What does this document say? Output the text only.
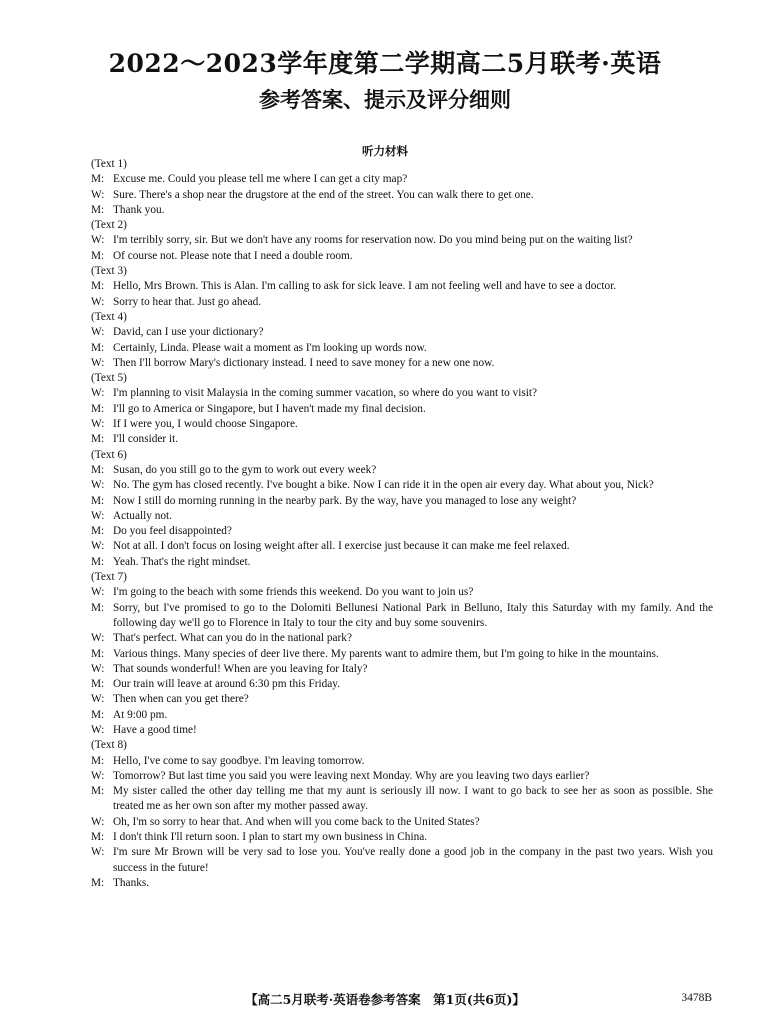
2022～2023学年度第二学期高二5月联考·英语
参考答案、提示及评分细则
听力材料
(Text 1)
M: Excuse me. Could you please tell me where I can get a city map?
W: Sure. There's a shop near the drugstore at the end of the street. You can walk there to get one.
M: Thank you.
(Text 2)
W: I'm terribly sorry, sir. But we don't have any rooms for reservation now. Do you mind being put on the waiting list?
M: Of course not. Please note that I need a double room.
(Text 3)
M: Hello, Mrs Brown. This is Alan. I'm calling to ask for sick leave. I am not feeling well and have to see a doctor.
W: Sorry to hear that. Just go ahead.
(Text 4)
W: David, can I use your dictionary?
M: Certainly, Linda. Please wait a moment as I'm looking up words now.
W: Then I'll borrow Mary's dictionary instead. I need to save money for a new one now.
(Text 5)
W: I'm planning to visit Malaysia in the coming summer vacation, so where do you want to visit?
M: I'll go to America or Singapore, but I haven't made my final decision.
W: If I were you, I would choose Singapore.
M: I'll consider it.
(Text 6)
M: Susan, do you still go to the gym to work out every week?
W: No. The gym has closed recently. I've bought a bike. Now I can ride it in the open air every day. What about you, Nick?
M: Now I still do morning running in the nearby park. By the way, have you managed to lose any weight?
W: Actually not.
M: Do you feel disappointed?
W: Not at all. I don't focus on losing weight after all. I exercise just because it can make me feel relaxed.
M: Yeah. That's the right mindset.
(Text 7)
W: I'm going to the beach with some friends this weekend. Do you want to join us?
M: Sorry, but I've promised to go to the Dolomiti Bellunesi National Park in Belluno, Italy this Saturday with my family. And the following day we'll go to Florence in Italy to tour the city and buy some souvenirs.
W: That's perfect. What can you do in the national park?
M: Various things. Many species of deer live there. My parents want to admire them, but I'm going to hike in the mountains.
W: That sounds wonderful! When are you leaving for Italy?
M: Our train will leave at around 6:30 pm this Friday.
W: Then when can you get there?
M: At 9:00 pm.
W: Have a good time!
(Text 8)
M: Hello, I've come to say goodbye. I'm leaving tomorrow.
W: Tomorrow? But last time you said you were leaving next Monday. Why are you leaving two days earlier?
M: My sister called the other day telling me that my aunt is seriously ill now. I want to go back to see her as soon as possible. She treated me as her own son after my mother passed away.
W: Oh, I'm so sorry to hear that. And when will you come back to the United States?
M: I don't think I'll return soon. I plan to start my own business in China.
W: I'm sure Mr Brown will be very sad to lose you. You've really done a good job in the company in the past two years. Wish you success in the future!
M: Thanks.
【高二5月联考·英语卷参考答案　第1页(共6页)】	3478B
